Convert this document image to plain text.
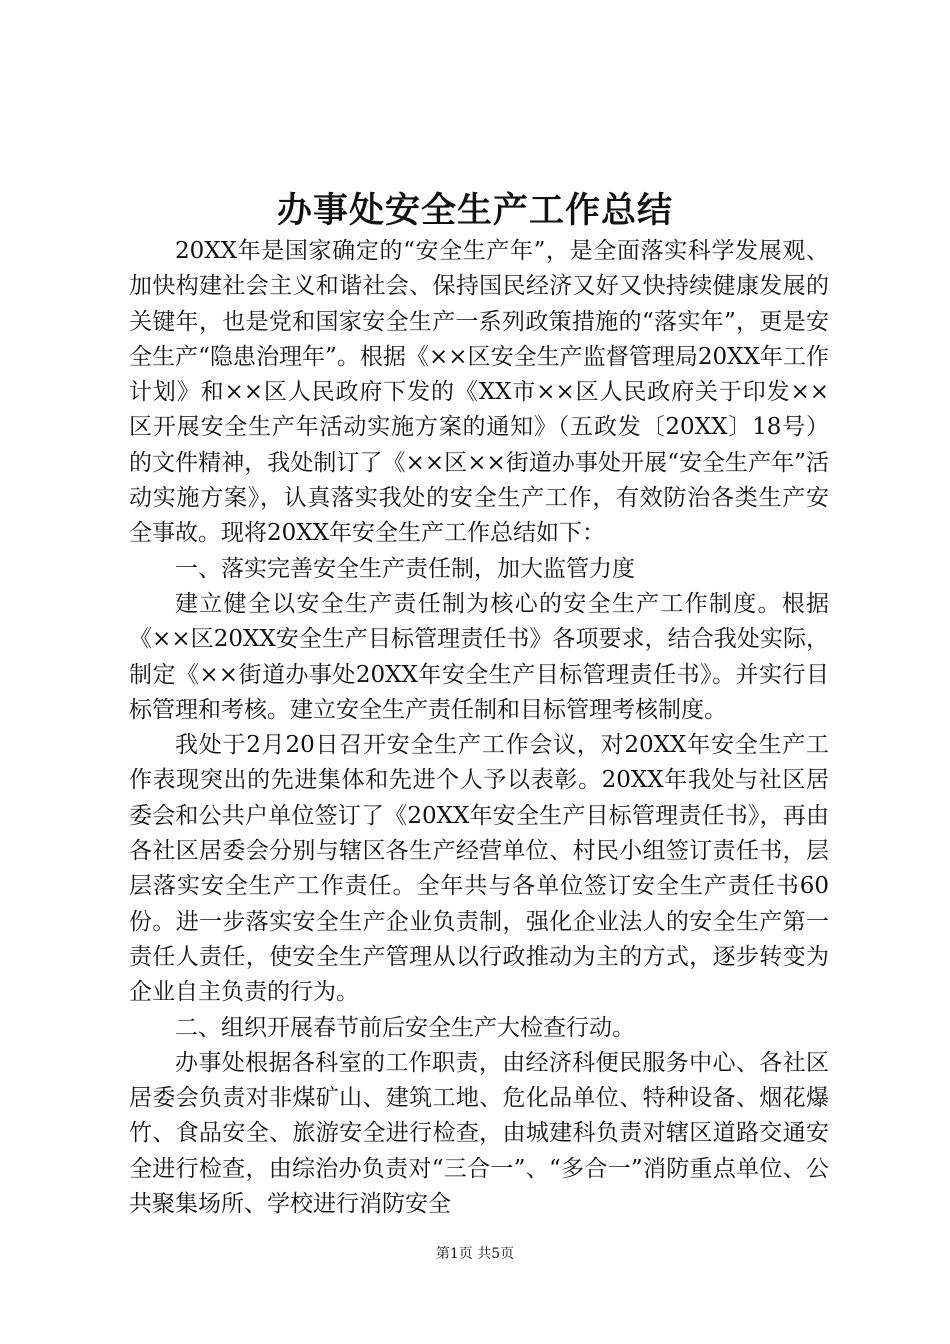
办事处安全生产工作总结

20XX年是国家确定的“安全生产年”，是全面落实科学发展观、加快构建社会主义和谐社会、保持国民经济又好又快持续健康发展的关键年，也是党和国家安全生产一系列政策措施的“落实年”，更是安全生产“隐患治理年”。根据《××区安全生产监督管理局20XX年工作计划》和××区人民政府下发的《XX市××区人民政府关于印发××区开展安全生产年活动实施方案的通知》（五政发〔20XX〕18号）的文件精神，我处制订了《××区××街道办事处开展“安全生产年”活动实施方案》，认真落实我处的安全生产工作，有效防治各类生产安全事故。现将20XX年安全生产工作总结如下：

一、落实完善安全生产责任制，加大监管力度

建立健全以安全生产责任制为核心的安全生产工作制度。根据《××区20XX安全生产目标管理责任书》各项要求，结合我处实际，制定《××街道办事处20XX年安全生产目标管理责任书》。并实行目标管理和考核。建立安全生产责任制和目标管理考核制度。

我处于2月20日召开安全生产工作会议，对20XX年安全生产工作表现突出的先进集体和先进个人予以表彰。20XX年我处与社区居委会和公共户单位签订了《20XX年安全生产目标管理责任书》，再由各社区居委会分别与辖区各生产经营单位、村民小组签订责任书，层层落实安全生产工作责任。全年共与各单位签订安全生产责任书60份。进一步落实安全生产企业负责制，强化企业法人的安全生产第一责任人责任，使安全生产管理从以行政推动为主的方式，逐步转变为企业自主负责的行为。

二、组织开展春节前后安全生产大检查行动。

办事处根据各科室的工作职责，由经济科便民服务中心、各社区居委会负责对非煤矿山、建筑工地、危化品单位、特种设备、烟花爆竹、食品安全、旅游安全进行检查，由城建科负责对辖区道路交通安全进行检查，由综治办负责对“三合一”、“多合一”消防重点单位、公共聚集场所、学校进行消防安全

第1页 共5页
